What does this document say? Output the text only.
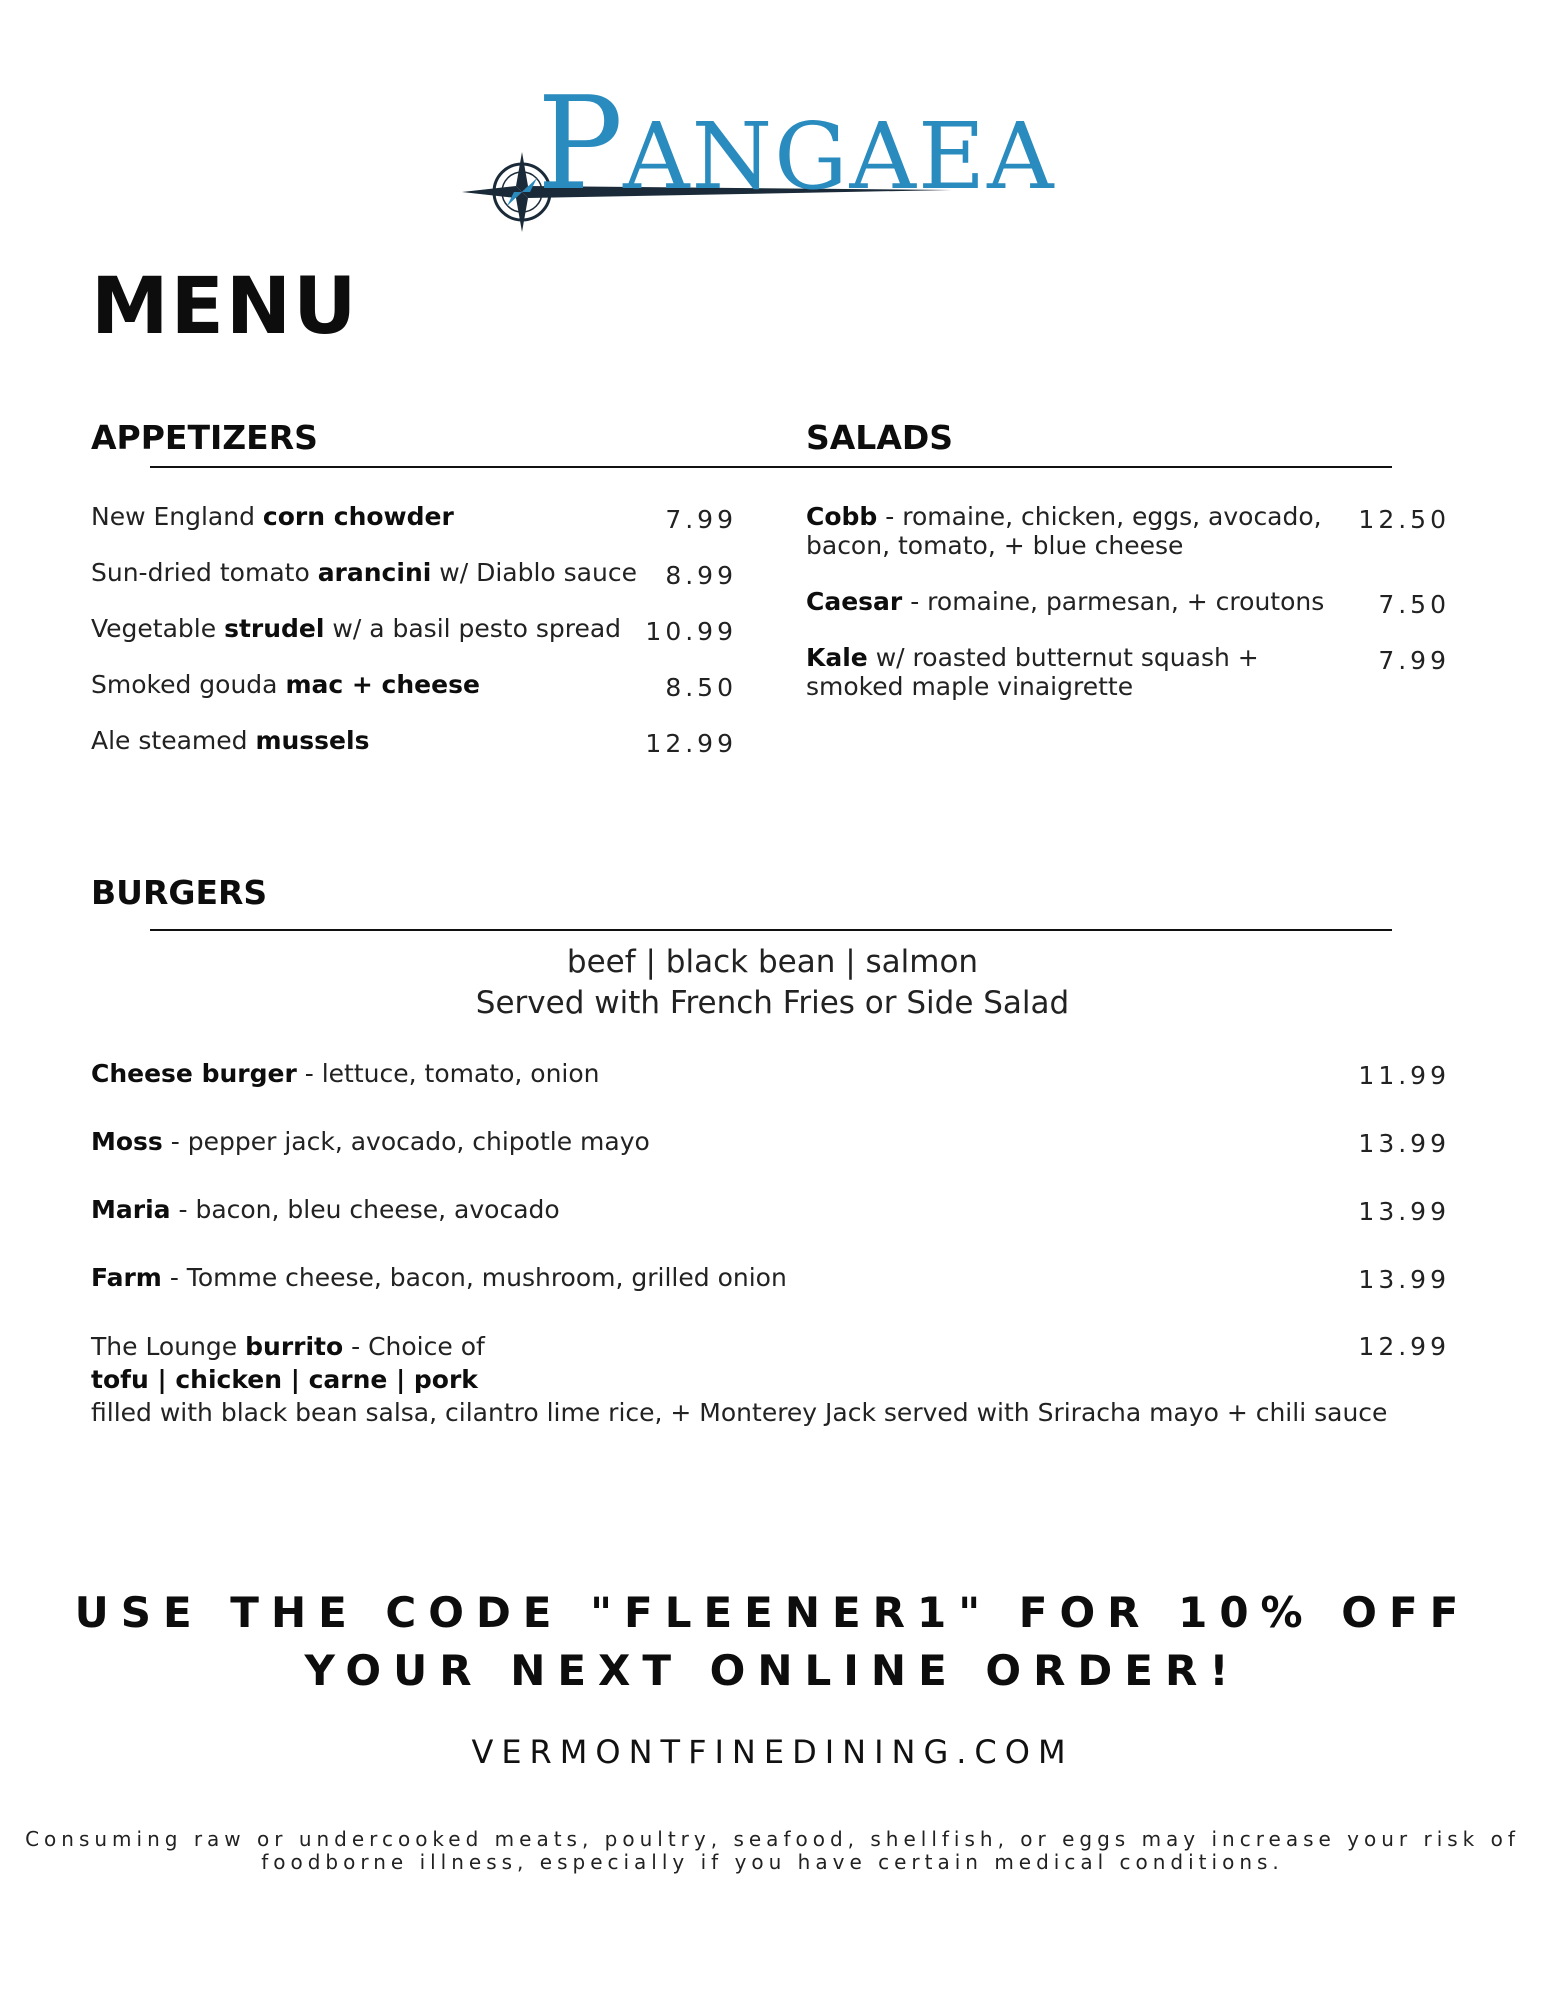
PANGAEA
MENU
APPETIZERS
New England corn chowder	7.99
Sun-dried tomato arancini w/ Diablo sauce 8.99
Vegetable strudel w/ a basil pesto spread 10.99
Smoked gouda mac + cheese	8.50
Ale steamed mussels	12.99
SALADS
Cobb - romaine, chicken, eggs, avocado,
bacon, tomato, + blue cheese
12.50
Caesar - romaine, parmesan, + croutons 7.50
Kale w/ roasted butternut squash +
smoked maple vinaigrette
7.99
BURGERS
beef | black bean | salmon
Served with French Fries or Side Salad
Cheese burger - lettuce, tomato, onion	11.99
Moss - pepper jack, avocado, chipotle mayo	13.99
Maria - bacon, bleu cheese, avocado	13.99
Farm - Tomme cheese, bacon, mushroom, grilled onion	13.99
The Lounge burrito - Choice of
tofu | chicken | carne | pork
filled with black bean salsa, cilantro lime rice, + Monterey Jack served with Sriracha mayo + chili sauce
12.99
USE THE CODE "FLEENER1" FOR 10% OFF
YOUR NEXT ONLINE ORDER!
VERMONTFINEDINING.COM
Consuming raw or undercooked meats, poultry, seafood, shellfish, or eggs may increase your risk of
foodborne illness, especially if you have certain medical conditions.
